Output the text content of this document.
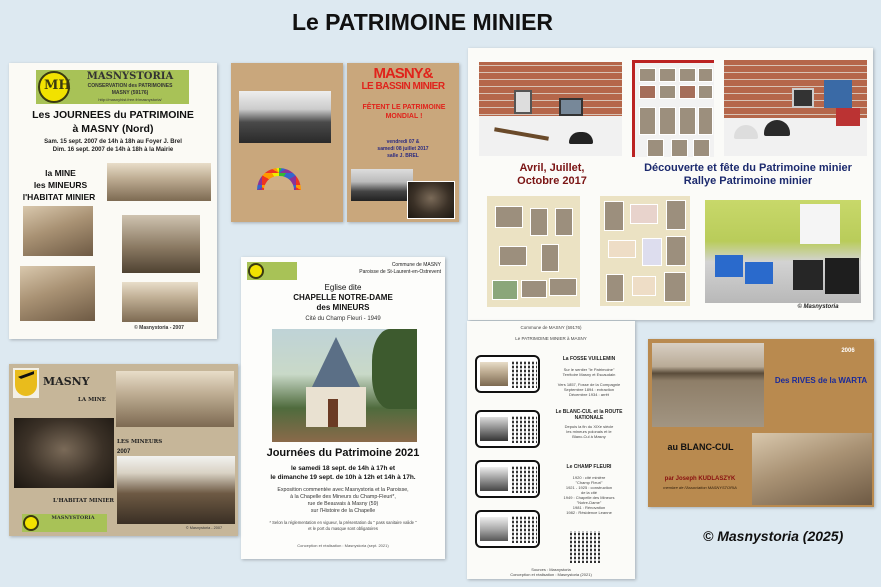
Le PATRIMOINE MINIER
MH
MASNYSTORIA
CONSERVATION des PATRIMOINES
MASNY (59176)
http://masnyhist.free.fr/masnystoria/
Les JOURNEES du PATRIMOINE
à MASNY (Nord)
Sam. 15 sept. 2007 de 14h à 18h au Foyer J. Brel
Dim. 16 sept. 2007 de 14h à 18h à la Mairie
la MINE
les MINEURS
l'HABITAT MINIER
© Masnystoria - 2007
MASNY&
LE BASSIN MINIER
FÊTENT LE PATRIMOINE MONDIAL !
vendredi 07 &
samedi 08 juillet 2017
salle J. BREL
Avril, Juillet,
Octobre 2017
Découverte et fête du Patrimoine minier
Rallye Patrimoine minier
© Masnystoria
Commune de MASNY
Paroisse de St-Laurent-en-Ostrevent
Eglise dite
CHAPELLE NOTRE-DAME
des MINEURS
Cité du Champ Fleuri - 1949
Journées du Patrimoine 2021
le samedi 18 sept. de 14h à 17h et
le dimanche 19 sept. de 10h à 12h et 14h à 17h.
Exposition commentée avec Masnystoria et la Paroisse,
à la Chapelle des Mineurs du Champ-Fleuri*,
rue de Beauvais à Masny (59)
sur l'Histoire de la Chapelle
* Selon la réglementation en vigueur, la présentation du " pass sanitaire valide "
et le port du masque sont obligatoires
Conception et réalisation : Masnystoria (sept. 2021)
MASNY
LA MINE
LES MINEURS
2007
L'HABITAT MINIER
MASNYSTORIA
© Masnystoria - 2007
Commune de MASNY (59176)
Le PATRIMOINE MINIER à MASNY
La FOSSE VUILLEMIN
Sur le sentier "le Patrimoine"
Territoire Masny et Escaudain
Vers 1857, Fosse de la Compagnie
Septembre 1894 : extraction
Décembre 1934 : arrêt
Le BLANC-CUL et la ROUTE NATIONALE
Depuis la fin du XIXe siècle
les mineurs polonais et le
Blanc-Cul à Masny
Le CHAMP FLEURI
1920 : cité minière
"Champ Fleuri"
1921 - 1925 : construction
de la cité
1949 : Chapelle des Mineurs
"Notre-Dame"
1981 : Rénovation
1982 : Résidence Leanne
Sources : Masnystoria
Conception et réalisation : Masnystoria (2021)
2006
Des RIVES de la WARTA
au BLANC-CUL
par Joseph KUDLASZYK
membre de l'Association MASNYSTORIA
© Masnystoria (2025)
